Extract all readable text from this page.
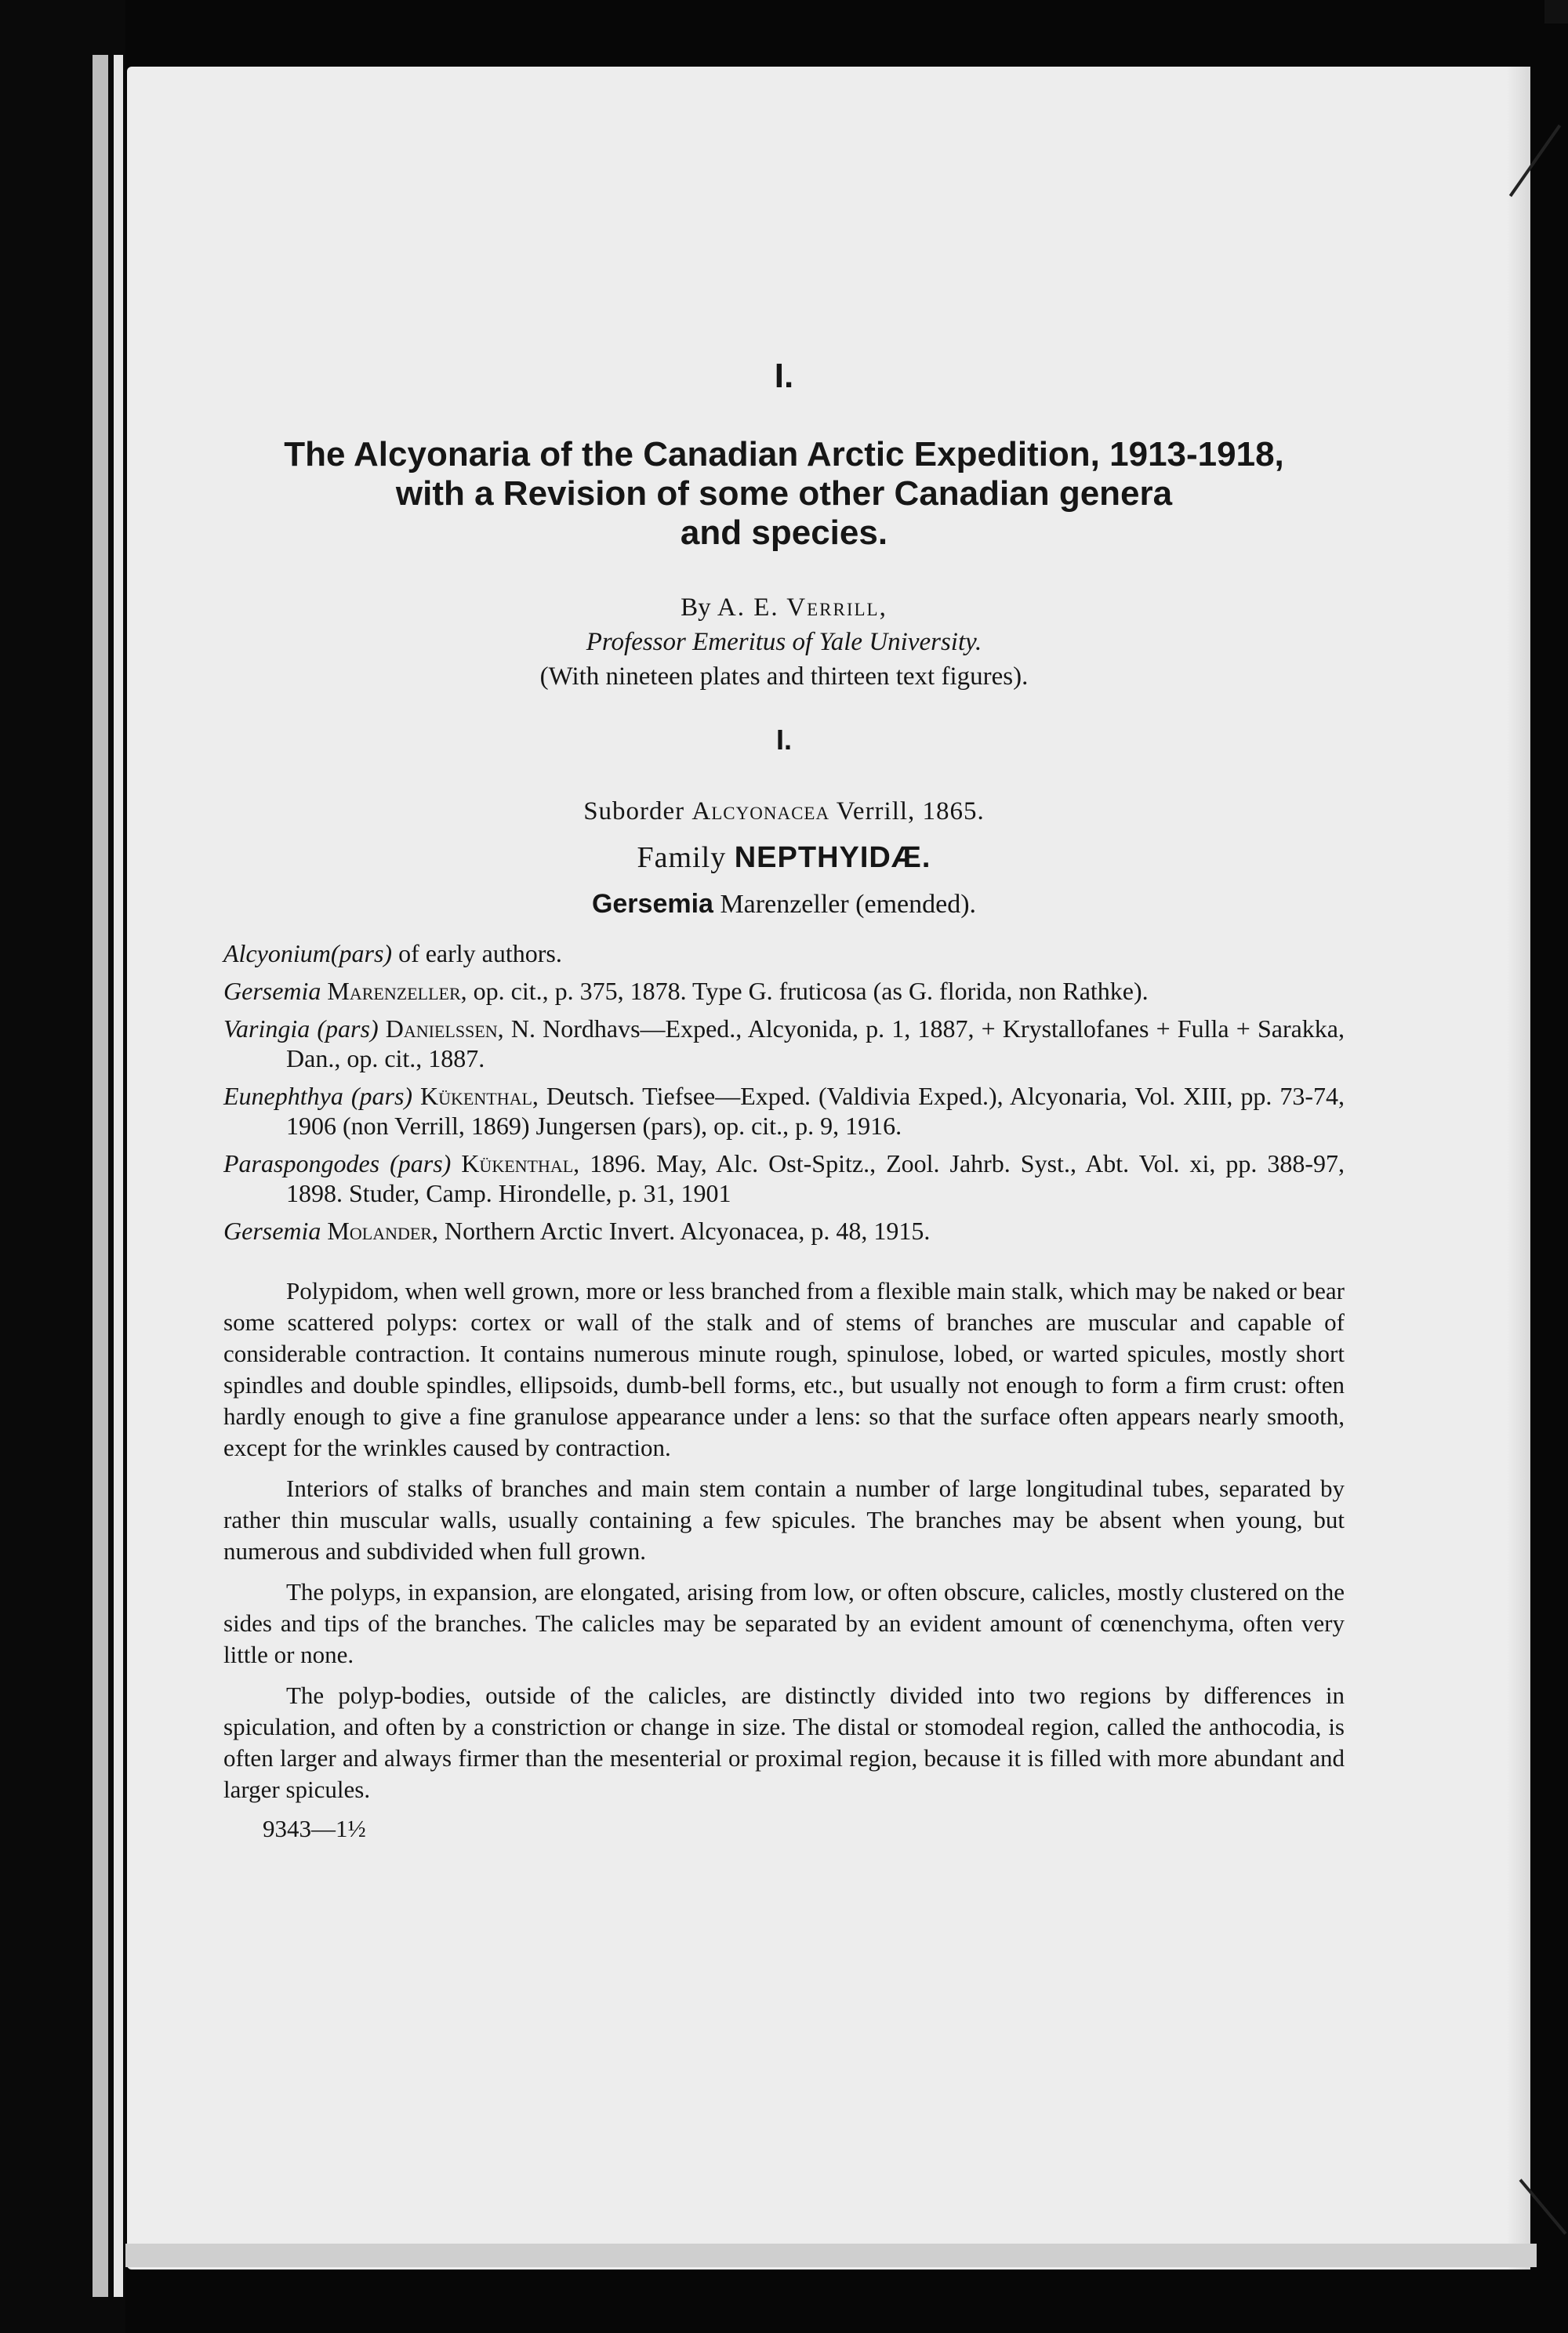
I.

The Alcyonaria of the Canadian Arctic Expedition, 1913-1918,

with a Revision of some other Canadian genera

and species.

By A. E. Verrill,
Professor Emeritus of Yale University.
(With nineteen plates and thirteen text figures).
I.
Suborder Alcyonacea Verrill, 1865.
Family NEPTHYIDÆ.
Gersemia Marenzeller (emended).
Alcyonium(pars) of early authors.
Gersemia Marenzeller, op. cit., p. 375, 1878. Type G. fruticosa (as G. florida, non Rathke).
Varingia (pars) Danielssen, N. Nordhavs—Exped., Alcyonida, p. 1, 1887, + Krystallofanes + Fulla + Sarakka, Dan., op. cit., 1887.
Eunephthya (pars) Kükenthal, Deutsch. Tiefsee—Exped. (Valdivia Exped.), Alcyonaria, Vol. XIII, pp. 73-74, 1906 (non Verrill, 1869) Jungersen (pars), op. cit., p. 9, 1916.
Paraspongodes (pars) Kükenthal, 1896. May, Alc. Ost-Spitz., Zool. Jahrb. Syst., Abt. Vol. xi, pp. 388-97, 1898. Studer, Camp. Hirondelle, p. 31, 1901
Gersemia Molander, Northern Arctic Invert. Alcyonacea, p. 48, 1915.

Polypidom, when well grown, more or less branched from a flexible main stalk, which may be naked or bear some scattered polyps: cortex or wall of the stalk and of stems of branches are muscular and capable of considerable contraction. It contains numerous minute rough, spinulose, lobed, or warted spicules, mostly short spindles and double spindles, ellipsoids, dumb-bell forms, etc., but usually not enough to form a firm crust: often hardly enough to give a fine granulose appearance under a lens: so that the surface often appears nearly smooth, except for the wrinkles caused by contraction.

Interiors of stalks of branches and main stem contain a number of large longitudinal tubes, separated by rather thin muscular walls, usually containing a few spicules. The branches may be absent when young, but numerous and subdivided when full grown.

The polyps, in expansion, are elongated, arising from low, or often obscure, calicles, mostly clustered on the sides and tips of the branches. The calicles may be separated by an evident amount of cœnenchyma, often very little or none.

The polyp-bodies, outside of the calicles, are distinctly divided into two regions by differences in spiculation, and often by a constriction or change in size. The distal or stomodeal region, called the anthocodia, is often larger and always firmer than the mesenterial or proximal region, because it is filled with more abundant and larger spicules.

9343—1½
